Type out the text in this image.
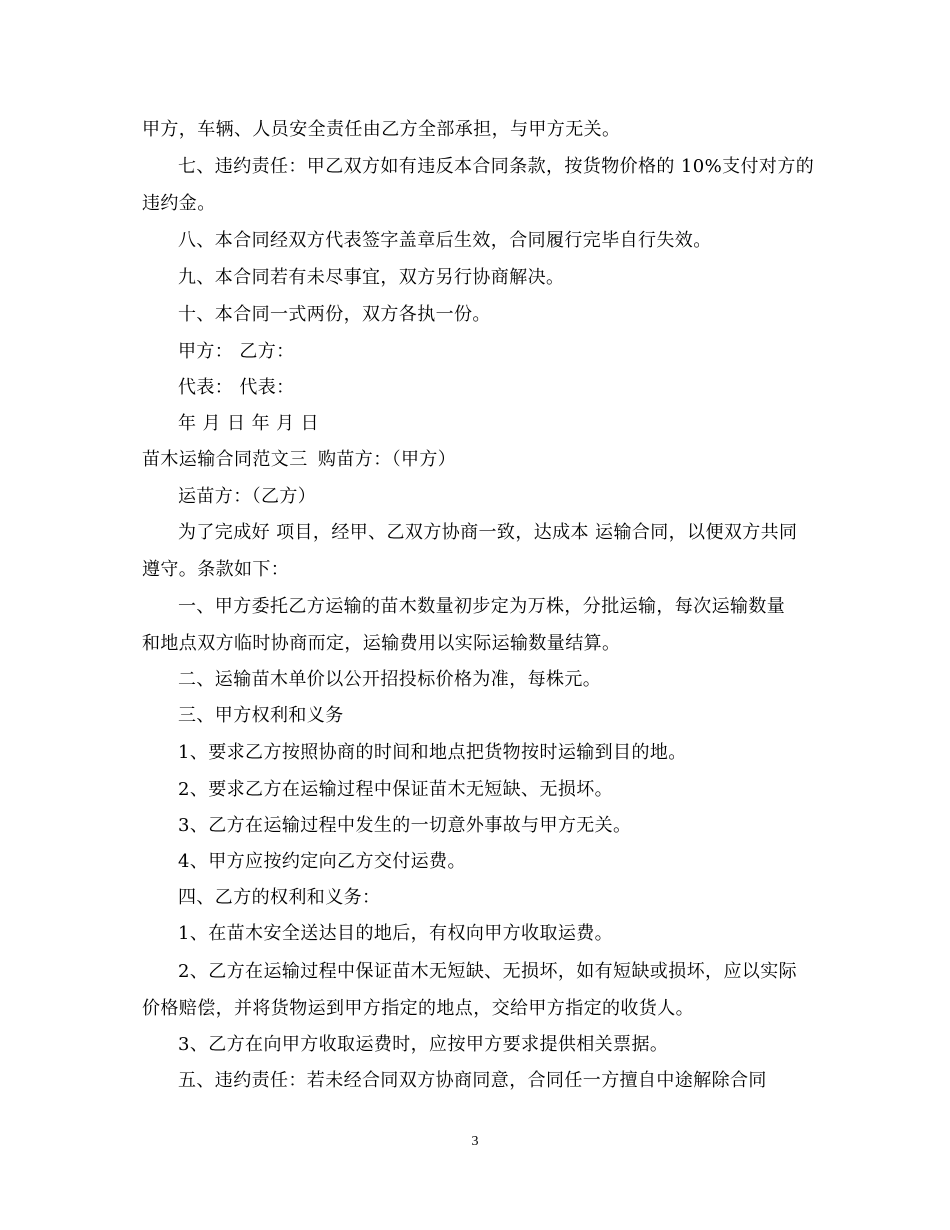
甲方，车辆、人员安全责任由乙方全部承担，与甲方无关。
七、违约责任：甲乙双方如有违反本合同条款，按货物价格的 10%支付对方的
违约金。
八、本合同经双方代表签字盖章后生效，合同履行完毕自行失效。
九、本合同若有未尽事宜，双方另行协商解决。
十、本合同一式两份，双方各执一份。
甲方： 乙方：
代表： 代表：
年 月 日 年 月 日
苗木运输合同范文三 购苗方：（甲方）
运苗方：（乙方）
为了完成好 项目，经甲、乙双方协商一致，达成本 运输合同，以便双方共同
遵守。条款如下：
一、甲方委托乙方运输的苗木数量初步定为万株，分批运输，每次运输数量
和地点双方临时协商而定，运输费用以实际运输数量结算。
二、运输苗木单价以公开招投标价格为准，每株元。
三、甲方权利和义务
1、要求乙方按照协商的时间和地点把货物按时运输到目的地。
2、要求乙方在运输过程中保证苗木无短缺、无损坏。
3、乙方在运输过程中发生的一切意外事故与甲方无关。
4、甲方应按约定向乙方交付运费。
四、乙方的权利和义务：
1、在苗木安全送达目的地后，有权向甲方收取运费。
2、乙方在运输过程中保证苗木无短缺、无损坏，如有短缺或损坏，应以实际
价格赔偿，并将货物运到甲方指定的地点，交给甲方指定的收货人。
3、乙方在向甲方收取运费时，应按甲方要求提供相关票据。
五、违约责任：若未经合同双方协商同意，合同任一方擅自中途解除合同
3
